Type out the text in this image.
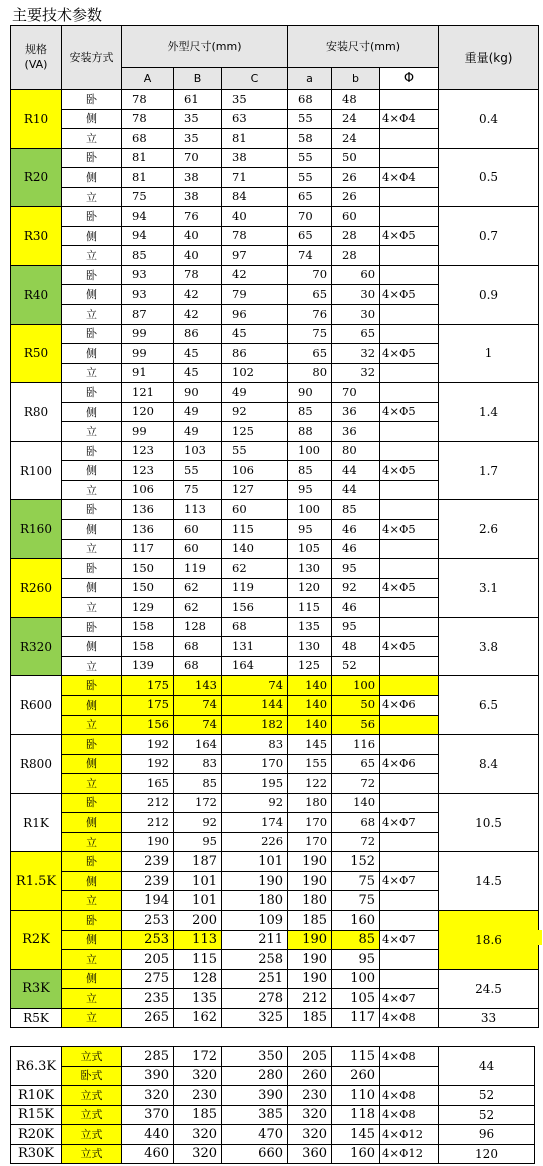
主要技术参数
规格
(VA)	安装方式	外型尺寸(mm)			安装尺寸(mm)			重量(kg)
		A	B	C	a	b	Φ	
R10	卧	78	61	35	68	48		0.4
	侧	78	35	63	55	24	4×Φ4	
	立	68	35	81	58	24		
R20	卧	81	70	38	55	50		0.5
	侧	81	38	71	55	26	4×Φ4	
	立	75	38	84	65	26		
R30	卧	94	76	40	70	60		0.7
	侧	94	40	78	65	28	4×Φ5	
	立	85	40	97	74	28		
R40	卧	93	78	42	70	60		0.9
	侧	93	42	79	65	30	4×Φ5	
	立	87	42	96	76	30		
R50	卧	99	86	45	75	65		1
	侧	99	45	86	65	32	4×Φ5	
	立	91	45	102	80	32		
R80	卧	121	90	49	90	70		1.4
	侧	120	49	92	85	36	4×Φ5	
	立	99	49	125	88	36		
R100	卧	123	103	55	100	80		1.7
	侧	123	55	106	85	44	4×Φ5	
	立	106	75	127	95	44		
R160	卧	136	113	60	100	85		2.6
	侧	136	60	115	95	46	4×Φ5	
	立	117	60	140	105	46		
R260	卧	150	119	62	130	95		3.1
	侧	150	62	119	120	92	4×Φ5	
	立	129	62	156	115	46		
R320	卧	158	128	68	135	95		3.8
	侧	158	68	131	130	48	4×Φ5	
	立	139	68	164	125	52		
R600	卧	175	143	74	140	100		6.5
	侧	175	74	144	140	50	4×Φ6	
	立	156	74	182	140	56		
R800	卧	192	164	83	145	116		8.4
	侧	192	83	170	155	65	4×Φ6	
	立	165	85	195	122	72		
R1K	卧	212	172	92	180	140		10.5
	侧	212	92	174	170	68	4×Φ7	
	立	190	95	226	170	72		
R1.5K	卧	239	187	101	190	152		14.5
	侧	239	101	190	190	75	4×Φ7	
	立	194	101	180	180	75		
R2K	卧	253	200	109	185	160		18.6
	侧	253	113	211	190	85	4×Φ7	
	立	205	115	258	190	95		
R3K	侧	275	128	251	190	100		24.5
	立	235	135	278	212	105	4×Φ7	
R5K	立	265	162	325	185	117	4×Φ8	33
R6.3K	立式	285	172	350	205	115	4×Φ8	44
	卧式	390	320	280	260	260		
R10K	立式	320	230	390	230	110	4×Φ8	52
R15K	立式	370	185	385	320	118	4×Φ8	52
R20K	立式	440	320	470	320	145	4×Φ12	96
R30K	立式	460	320	660	360	160	4×Φ12	120
